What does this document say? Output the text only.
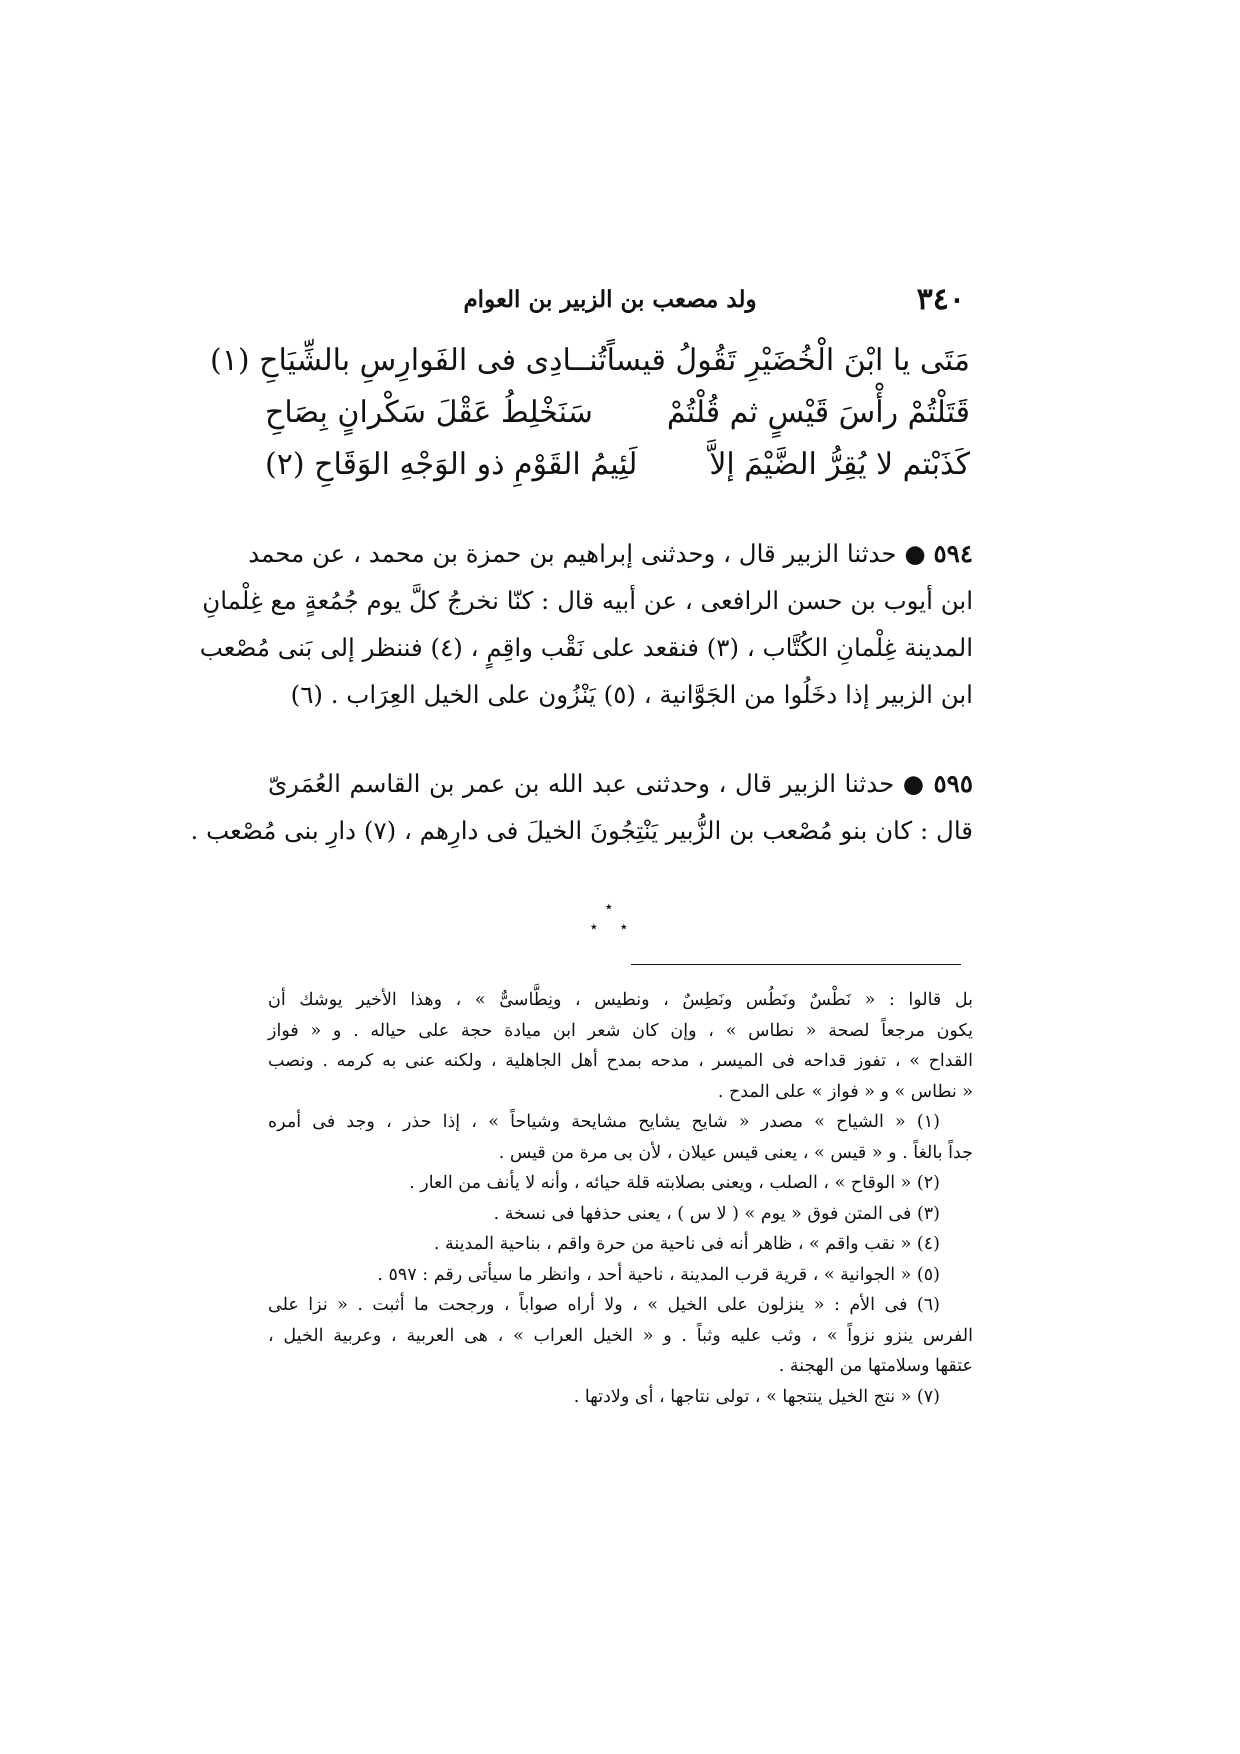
٣٤٠
ولد مصعب بن الزبير بن العوام
مَتَى يا ابْنَ الْخُضَيْرِ تَقُولُ قيساً
تُنــادِى فى الفَوارِسِ بالشِّيَاحِ (١)
قَتَلْتُمْ رأْسَ قَيْسٍ ثم قُلْتُمْ
سَنَخْلِطُ عَقْلَ سَكْرانٍ بِصَاحِ
كَذَبْتم لا يُقِرُّ الضَّيْمَ إلاَّ
لَئِيمُ القَوْمِ ذو الوَجْهِ الوَقَاحِ (٢)
٥٩٤ ● حدثنا الزبير قال ، وحدثنى إبراهيم بن حمزة بن محمد ، عن محمد
ابن أيوب بن حسن الرافعى ، عن أبيه قال : كنّا نخرجُ كلَّ يوم جُمُعةٍ مع غِلْمانِ
المدينة غِلْمانِ الكُتَّاب ، (٣) فنقعد على نَقْب واقِمٍ ، (٤) فننظر إلى بَنى مُصْعب
ابن الزبير إذا دخَلُوا من الجَوَّانية ، (٥) يَنْزُون على الخيل العِرَاب . (٦)
٥٩٥ ● حدثنا الزبير قال ، وحدثنى عبد الله بن عمر بن القاسم العُمَرىّ
قال : كان بنو مُصْعب بن الزُّبير يَنْتِجُونَ الخيلَ فى دارِهم ، (٧) دارِ بنى مُصْعب .
٭
٭ ٭
بل قالوا : « نَطْسٌ ونَطُس ونَطِسٌ ، ونطيس ، ونِطَّاسىٌّ » ، وهذا الأخير يوشك أن
يكون مرجعاً لصحة « نطاس » ، وإن كان شعر ابن ميادة حجة على حياله . و « فواز
القداح » ، تفوز قداحه فى الميسر ، مدحه بمدح أهل الجاهلية ، ولكنه عنى به كرمه . ونصب
« نطاس » و « فواز » على المدح .
(١) « الشياح » مصدر « شايح يشايح مشايحة وشياحاً » ، إذا حذر ، وجد فى أمره
جداً بالغاً . و « قيس » ، يعنى قيس عيلان ، لأن بى مرة من قيس .
(٢) « الوقاح » ، الصلب ، ويعنى بصلابته قلة حيائه ، وأنه لا يأنف من العار .
(٣) فى المتن فوق « يوم » ( لا س ) ، يعنى حذفها فى نسخة .
(٤) « نقب واقم » ، ظاهر أنه فى ناحية من حرة واقم ، بناحية المدينة .
(٥) « الجوانية » ، قرية قرب المدينة ، ناحية أحد ، وانظر ما سيأتى رقم : ٥٩٧ .
(٦) فى الأم : « ينزلون على الخيل » ، ولا أراه صواباً ، ورجحت ما أثبت . « نزا على
الفرس ينزو نزواً » ، وثب عليه وثباً . و « الخيل العراب » ، هى العربية ، وعربية الخيل ،
عتقها وسلامتها من الهجنة .
(٧) « نتج الخيل ينتجها » ، تولى نتاجها ، أى ولادتها .
